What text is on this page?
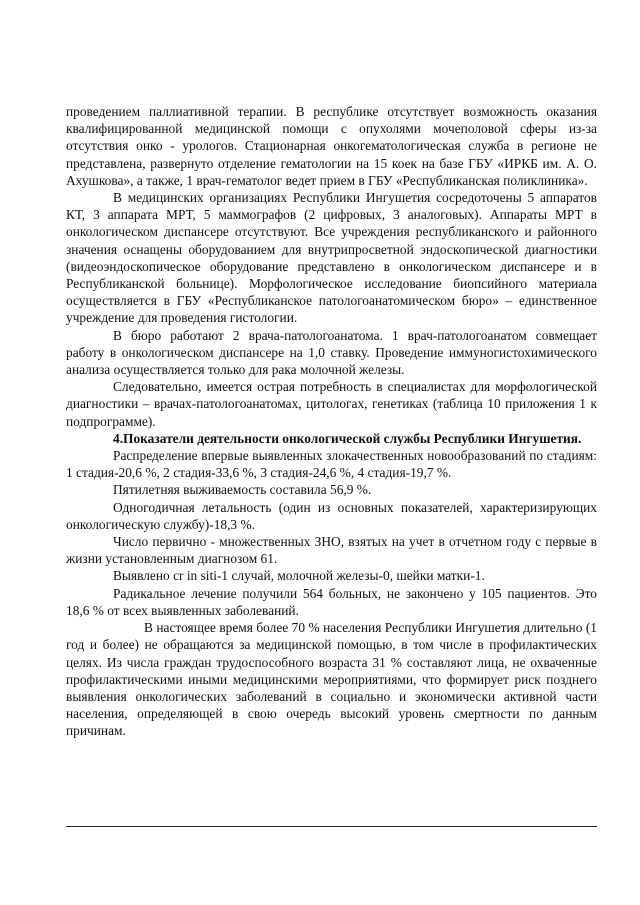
проведением паллиативной терапии. В республике отсутствует возможность оказания квалифицированной медицинской помощи с опухолями мочеполовой сферы из-за отсутствия онко - урологов. Стационарная онкогематологическая служба в регионе не представлена, развернуто отделение гематологии на 15 коек на базе ГБУ «ИРКБ им. А. О. Ахушкова», а также, 1 врач-гематолог ведет прием в ГБУ «Республиканская поликлиника».

В медицинских организациях Республики Ингушетия сосредоточены 5 аппаратов КТ, 3 аппарата МРТ, 5 маммографов (2 цифровых, 3 аналоговых). Аппараты МРТ в онкологическом диспансере отсутствуют. Все учреждения республиканского и районного значения оснащены оборудованием для внутрипросветной эндоскопической диагностики (видеоэндоскопическое оборудование представлено в онкологическом диспансере и в Республиканской больнице). Морфологическое исследование биопсийного материала осуществляется в ГБУ «Республиканское патологоанатомическом бюро» – единственное учреждение для проведения гистологии.

В бюро работают 2 врача-патологоанатома. 1 врач-патологоанатом совмещает работу в онкологическом диспансере на 1,0 ставку. Проведение иммуногистохимического анализа осуществляется только для рака молочной железы.

Следовательно, имеется острая потребность в специалистах для морфологической диагностики – врачах-патологоанатомах, цитологах, генетиках (таблица 10 приложения 1 к подпрограмме).

4.Показатели деятельности онкологической службы Республики Ингушетия.

Распределение впервые выявленных злокачественных новообразований по стадиям: 1 стадия-20,6 %, 2 стадия-33,6 %, 3 стадия-24,6 %, 4 стадия-19,7 %.

Пятилетняя выживаемость составила 56,9 %.

Одногодичная летальность (один из основных показателей, характеризирующих онкологическую службу)-18,3 %.

Число первично - множественных ЗНО, взятых на учет в отчетном году с первые в жизни установленным диагнозом 61.

Выявлено cr in siti-1 случай, молочной железы-0, шейки матки-1.

Радикальное лечение получили 564 больных, не закончено у 105 пациентов. Это 18,6 % от всех выявленных заболеваний.

В настоящее время более 70 % населения Республики Ингушетия длительно (1 год и более) не обращаются за медицинской помощью, в том числе в профилактических целях. Из числа граждан трудоспособного возраста 31 % составляют лица, не охваченные профилактическими иными медицинскими мероприятиями, что формирует риск позднего выявления онкологических заболеваний в социально и экономически активной части населения, определяющей в свою очередь высокий уровень смертности по данным причинам.
